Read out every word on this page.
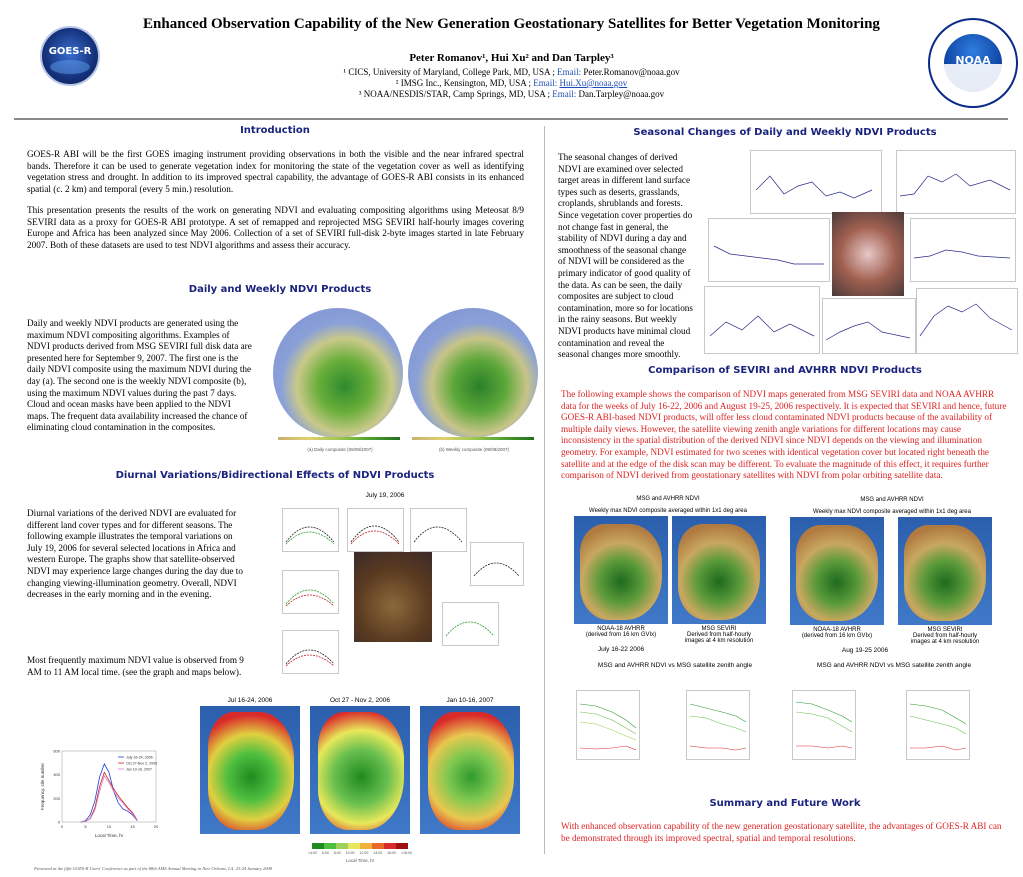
GOES-R
Enhanced Observation Capability of the New Generation Geostationary Satellites for Better Vegetation Monitoring
Peter Romanov¹, Hui Xu² and Dan Tarpley³
¹ CICS, University of Maryland, College Park, MD, USA ; Email: Peter.Romanov@noaa.gov
² IMSG Inc., Kensington, MD, USA ; Email: Hui.Xu@noaa.gov
³ NOAA/NESDIS/STAR, Camp Springs, MD, USA ; Email: Dan.Tarpley@noaa.gov
NOAA
Introduction
GOES-R ABI will be the first GOES imaging instrument providing observations in both the visible and the near infrared spectral bands. Therefore it can be used to generate vegetation index for monitoring the state of the vegetation cover as well as identifying vegetation stress and drought. In addition to its improved spectral capability, the advantage of GOES-R ABI consists in its enhanced spatial (c. 2 km) and temporal (every 5 min.) resolution.
This presentation presents the results of the work on generating NDVI and evaluating compositing algorithms using Meteosat 8/9 SEVIRI data as a proxy for GOES-R ABI prototype. A set of remapped and reprojected MSG SEVIRI half-hourly images covering Europe and Africa has been analyzed since May 2006. Collection of a set of SEVIRI full-disk 2-byte images started in late February 2007. Both of these datasets are used to test NDVI algorithms and assess their accuracy.
Daily and Weekly NDVI Products
Daily and weekly NDVI products are generated using the maximum NDVI compositing algorithms. Examples of NDVI products derived from MSG SEVIRI full disk data are presented here for September 9, 2007. The first one is the daily NDVI composite using the maximum NDVI during the day (a). The second one is the weekly NDVI composite (b), using the maximum NDVI values during the past 7 days. Cloud and ocean masks have been applied to the NDVI maps. The frequent data availability increased the chance of eliminating cloud contamination in the composites.
(a) Daily composite (09/09/2007)	(b) Weekly composite (09/09/2007)
Diurnal Variations/Bidirectional Effects of NDVI Products
Diurnal variations of the derived NDVI are evaluated for different land cover types and for different seasons. The following example illustrates the temporal variations on July 19, 2006 for several selected locations in Africa and western Europe. The graphs show that satellite-observed NDVI may experience large changes during the day due to changing viewing-illumination geometry. Overall, NDVI decreases in the early morning and in the evening.
Most frequently maximum NDVI value is observed from 9 AM to 11 AM local time. (see the graph and maps below).
July 19, 2006
0	5	10	15	20
0
200
400
600
Local Time, hr
Frequency, site number
July 16-24, 2006
Oct 27-Nov 2, 2006
Jan 10-16, 2007
Jul 16-24, 2006	Oct 27 - Nov 2, 2006	Jan 10-16, 2007
<4:00 6:00 8:00 10:00 12:00 14:00 16:00 >18:00
Local Time, hr
Seasonal Changes of Daily and Weekly NDVI Products
The seasonal changes of derived NDVI are examined over selected target areas in different land surface types such as deserts, grasslands, croplands, shrublands and forests. Since vegetation cover properties do not change fast in general, the stability of NDVI during a day and smoothness of the seasonal change of NDVI will be considered as the primary indicator of good quality of the data. As can be seen, the daily composites are subject to cloud contamination, more so for locations in the rainy seasons. But weekly NDVI products have minimal cloud contamination and reveal the seasonal changes more smoothly.
Comparison of SEVIRI and AVHRR NDVI Products
The following example shows the comparison of NDVI maps generated from MSG SEVIRI data and NOAA AVHRR data for the weeks of July 16-22, 2006 and August 19-25, 2006 respectively. It is expected that SEVIRI and hence, future GOES-R ABI-based NDVI products, will offer less cloud contaminated NDVI products because of the availability of multiple daily views. However, the satellite viewing zenith angle variations for different locations may cause inconsistency in the spatial distribution of the derived NDVI since NDVI depends on the viewing and illumination geometry. For example, NDVI estimated for two scenes with identical vegetation cover but located right beneath the satellite and at the edge of the disk scan may be different. To evaluate the magnitude of this effect, it requires further comparison of NDVI derived from geostationary satellites with NDVI from polar orbiting satellite data.
MSG and AVHRR NDVI
Weekly max NDVI composite averaged within 1x1 deg area
NOAA-18 AVHRR
(derived from 16 km GVIx)
MSG SEVIRI
Derived from half-hourly
images at 4 km resolution
July 16-22 2006
MSG and AVHRR NDVI vs MSG satellite zenith angle
MSG and AVHRR NDVI
Weekly max NDVI composite averaged within 1x1 deg area
NOAA-18 AVHRR
(derived from 16 km GVIx)
MSG SEVIRI
Derived from half-hourly
images at 4 km resolution
Aug 19-25 2006
MSG and AVHRR NDVI vs MSG satellite zenith angle
Summary and Future Work
With enhanced observation capability of the new generation geostationary satellite, the advantages of GOES-R ABI can be demonstrated through its improved spectral, spatial and temporal resolutions.
Presented at the fifth GOES-R Users' Conference as part of the 88th AMS Annual Meeting in New Orleans, LA, 23-24 January 2008
